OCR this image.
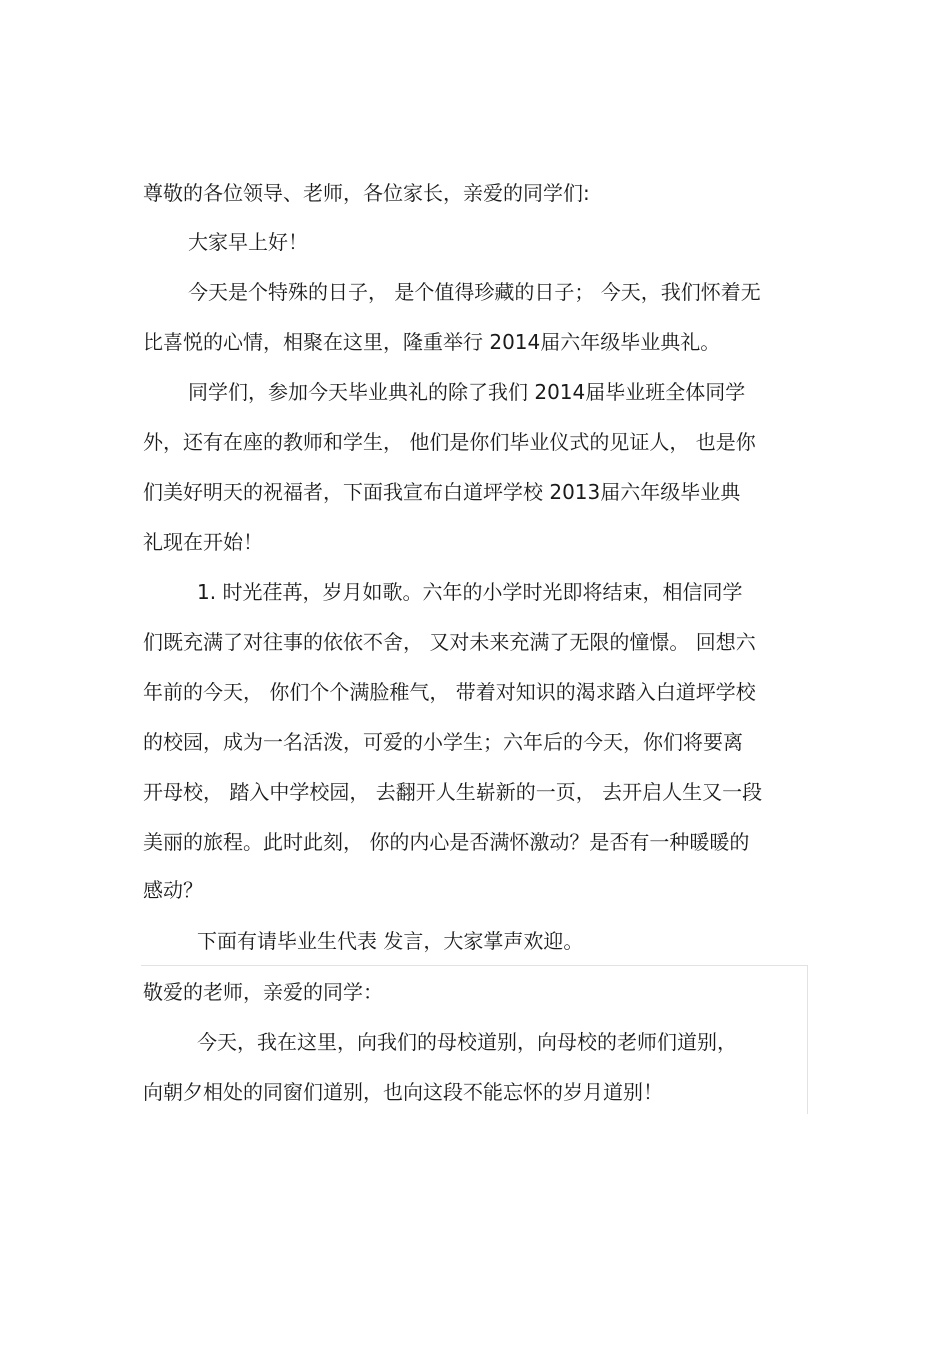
尊敬的各位领导、老师，各位家长，亲爱的同学们:
大家早上好！
今天是个特殊的日子， 是个值得珍藏的日子； 今天，我们怀着无
比喜悦的心情，相聚在这里，隆重举行 2014届六年级毕业典礼。
同学们，参加今天毕业典礼的除了我们 2014届毕业班全体同学
外，还有在座的教师和学生， 他们是你们毕业仪式的见证人， 也是你
们美好明天的祝福者，下面我宣布白道坪学校 2013届六年级毕业典
礼现在开始！
1. 时光荏苒，岁月如歌。六年的小学时光即将结束，相信同学
们既充满了对往事的依依不舍， 又对未来充满了无限的憧憬。 回想六
年前的今天， 你们个个满脸稚气， 带着对知识的渴求踏入白道坪学校
的校园，成为一名活泼，可爱的小学生；六年后的今天，你们将要离
开母校， 踏入中学校园， 去翻开人生崭新的一页， 去开启人生又一段
美丽的旅程。此时此刻， 你的内心是否满怀激动？是否有一种暖暖的
感动？
下面有请毕业生代表 发言，大家掌声欢迎。
敬爱的老师，亲爱的同学：
今天，我在这里，向我们的母校道别，向母校的老师们道别，
向朝夕相处的同窗们道别，也向这段不能忘怀的岁月道别！
